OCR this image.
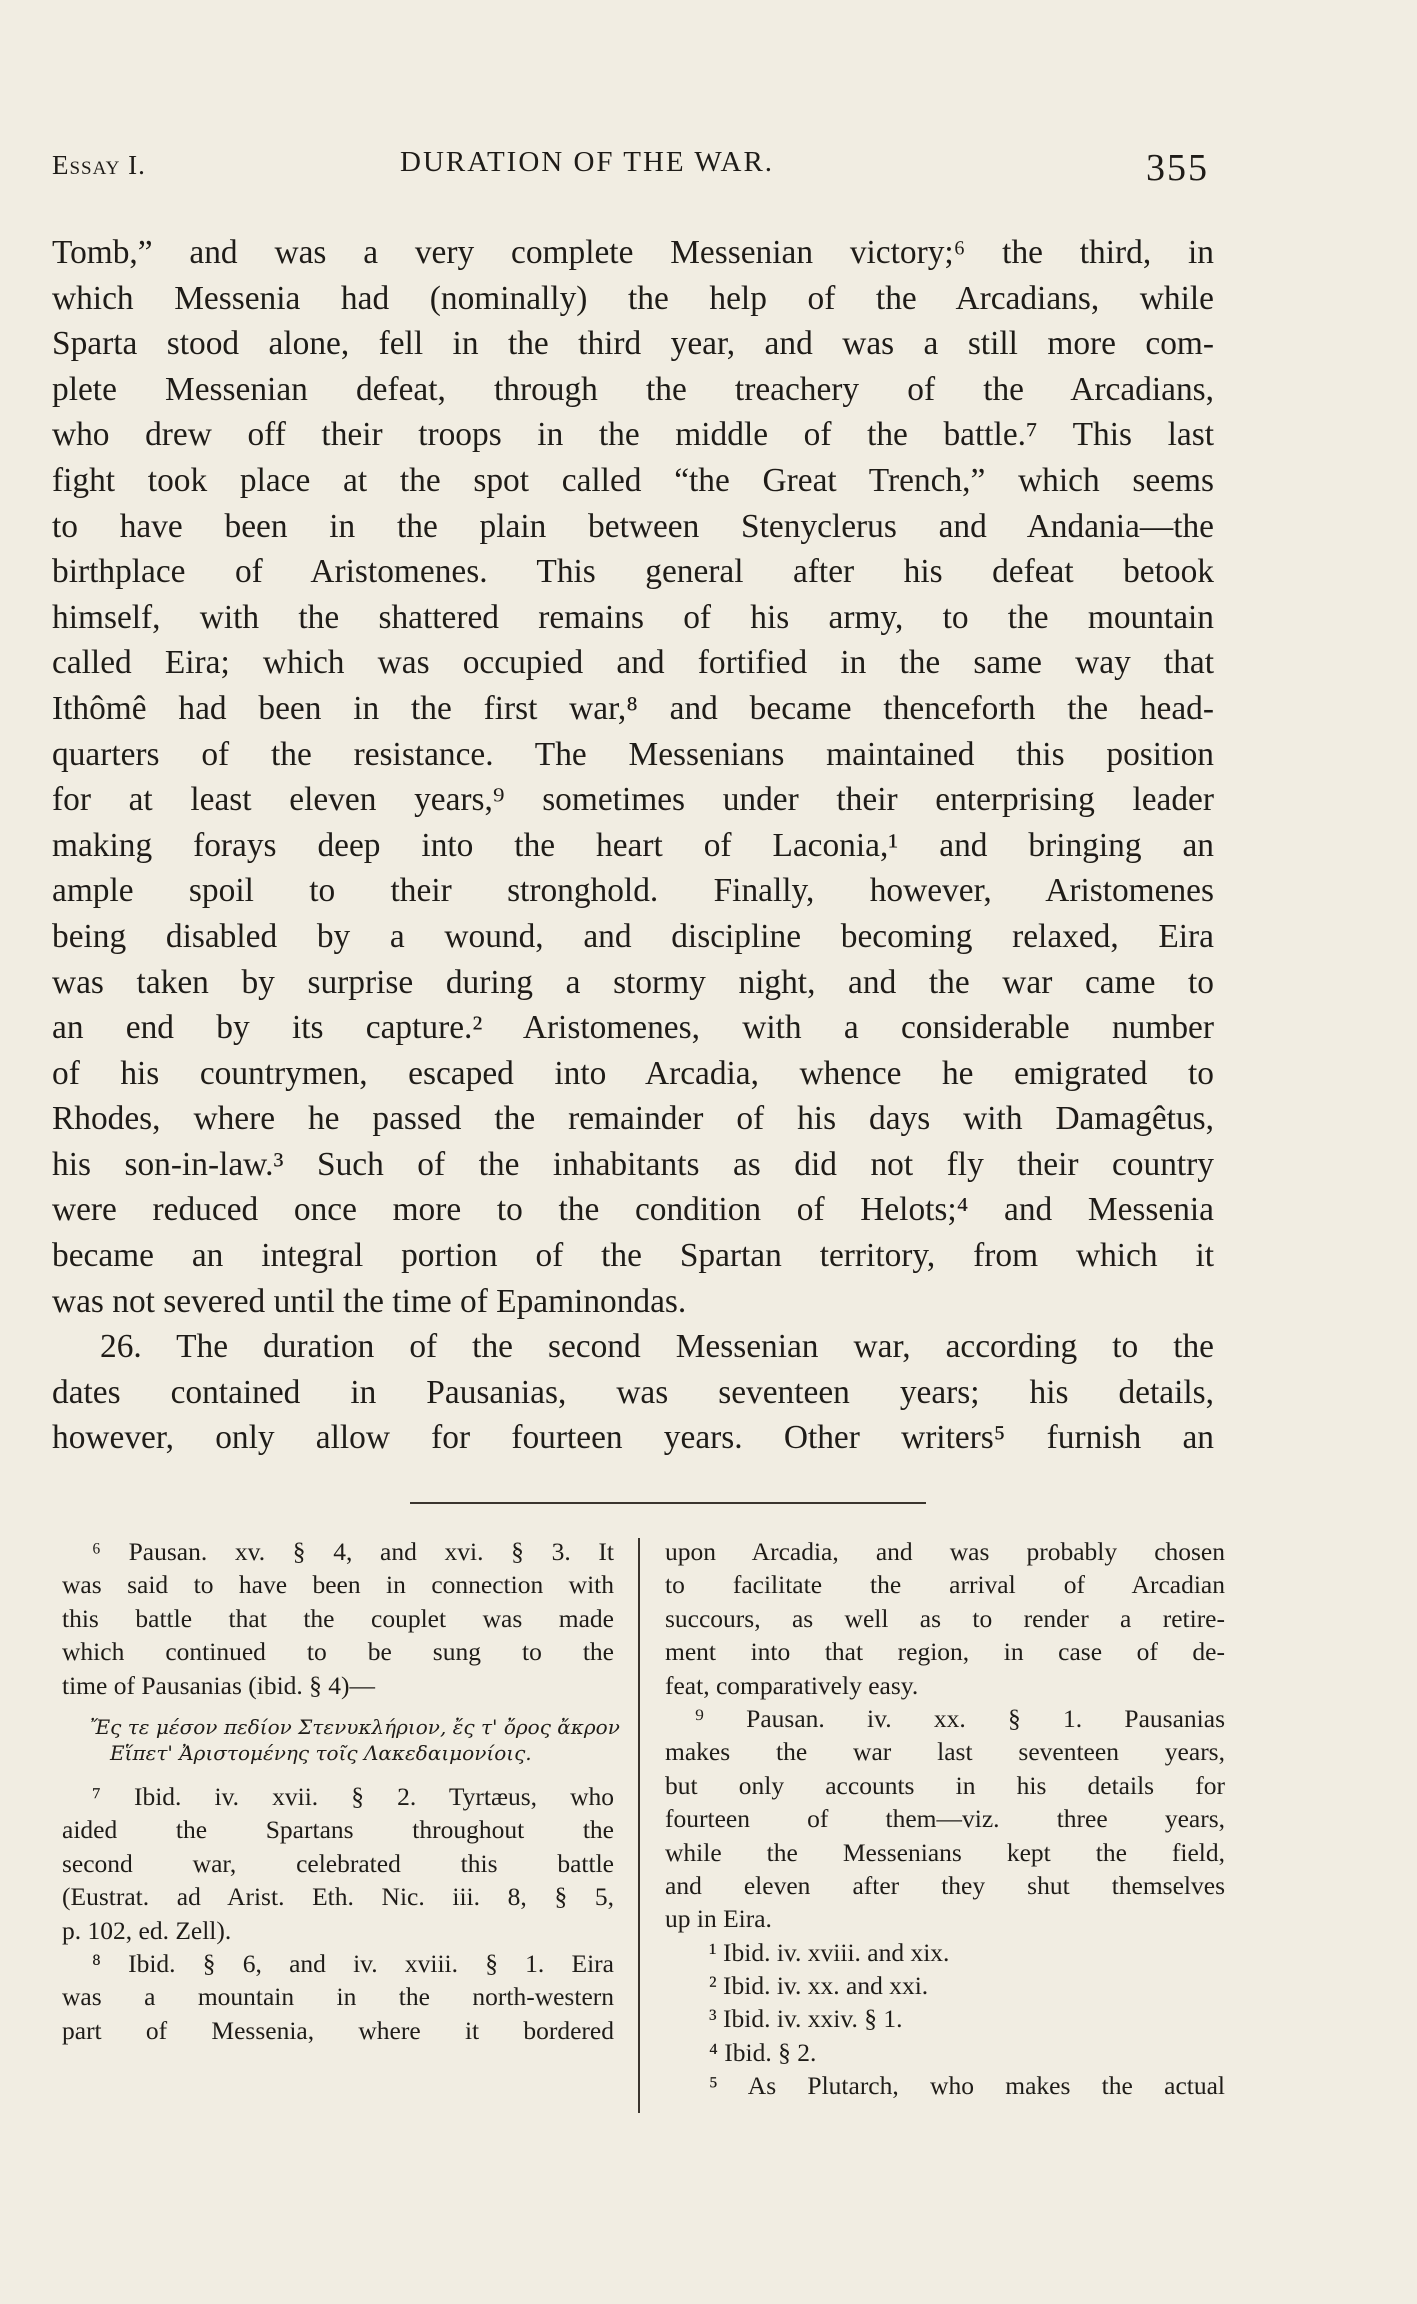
Essay I.	DURATION OF THE WAR.	355
Tomb,” and was a very complete Messenian victory;⁶ the third, in
which Messenia had (nominally) the help of the Arcadians, while
Sparta stood alone, fell in the third year, and was a still more com-
plete Messenian defeat, through the treachery of the Arcadians,
who drew off their troops in the middle of the battle.⁷ This last
fight took place at the spot called “the Great Trench,” which seems
to have been in the plain between Stenyclerus and Andania—the
birthplace of Aristomenes. This general after his defeat betook
himself, with the shattered remains of his army, to the mountain
called Eira; which was occupied and fortified in the same way that
Ithômê had been in the first war,⁸ and became thenceforth the head-
quarters of the resistance. The Messenians maintained this position
for at least eleven years,⁹ sometimes under their enterprising leader
making forays deep into the heart of Laconia,¹ and bringing an
ample spoil to their stronghold. Finally, however, Aristomenes
being disabled by a wound, and discipline becoming relaxed, Eira
was taken by surprise during a stormy night, and the war came to
an end by its capture.² Aristomenes, with a considerable number
of his countrymen, escaped into Arcadia, whence he emigrated to
Rhodes, where he passed the remainder of his days with Damagêtus,
his son-in-law.³ Such of the inhabitants as did not fly their country
were reduced once more to the condition of Helots;⁴ and Messenia
became an integral portion of the Spartan territory, from which it
was not severed until the time of Epaminondas.
26. The duration of the second Messenian war, according to the
dates contained in Pausanias, was seventeen years; his details,
however, only allow for fourteen years. Other writers⁵ furnish an
⁶ Pausan. xv. § 4, and xvi. § 3. It
was said to have been in connection with
this battle that the couplet was made
which continued to be sung to the
time of Pausanias (ibid. § 4)—
Ἔς τε μέσον πεδίον Στενυκλήριον, ἔς τ' ὄρος ἄκρον
Εἵπετ' Ἀριστομένης τοῖς Λακεδαιμονίοις.
⁷ Ibid. iv. xvii. § 2. Tyrtæus, who
aided the Spartans throughout the
second war, celebrated this battle
(Eustrat. ad Arist. Eth. Nic. iii. 8, § 5,
p. 102, ed. Zell).
⁸ Ibid. § 6, and iv. xviii. § 1. Eira
was a mountain in the north-western
part of Messenia, where it bordered
upon Arcadia, and was probably chosen
to facilitate the arrival of Arcadian
succours, as well as to render a retire-
ment into that region, in case of de-
feat, comparatively easy.
⁹ Pausan. iv. xx. § 1. Pausanias
makes the war last seventeen years,
but only accounts in his details for
fourteen of them—viz. three years,
while the Messenians kept the field,
and eleven after they shut themselves
up in Eira.
¹ Ibid. iv. xviii. and xix.
² Ibid. iv. xx. and xxi.
³ Ibid. iv. xxiv. § 1.
⁴ Ibid. § 2.
⁵ As Plutarch, who makes the actual
